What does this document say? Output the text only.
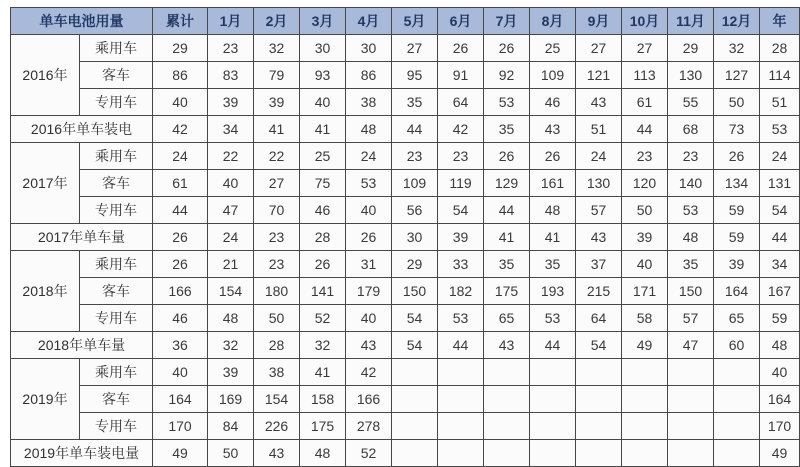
单车电池用量		累计	1月	2月	3月	4月	5月	6月	7月	8月	9月	10月	11月	12月	年
2016年	乘用车	29	23	32	30	30	27	26	26	25	27	27	29	32	28
	客车	86	83	79	93	86	95	91	92	109	121	113	130	127	114
	专用车	40	39	39	40	38	35	64	53	46	43	61	55	50	51
2016年单车装电		42	34	41	41	48	44	42	35	43	51	44	68	73	53
2017年	乘用车	24	22	22	25	24	23	23	26	26	24	23	23	26	24
	客车	61	40	27	75	53	109	119	129	161	130	120	140	134	131
	专用车	44	47	70	46	40	56	54	44	48	57	50	53	59	54
2017年单车量		26	24	23	28	26	30	39	41	41	43	39	48	59	44
2018年	乘用车	26	21	23	26	31	29	33	35	35	37	40	35	39	34
	客车	166	154	180	141	179	150	182	175	193	215	171	150	164	167
	专用车	46	48	50	52	40	54	53	65	53	64	58	57	65	59
2018年单车量		36	32	28	32	43	54	44	43	44	54	49	47	60	48
2019年	乘用车	40	39	38	41	42									40
	客车	164	169	154	158	166									164
	专用车	170	84	226	175	278									170
2019年单车装电量		49	50	43	48	52									49
